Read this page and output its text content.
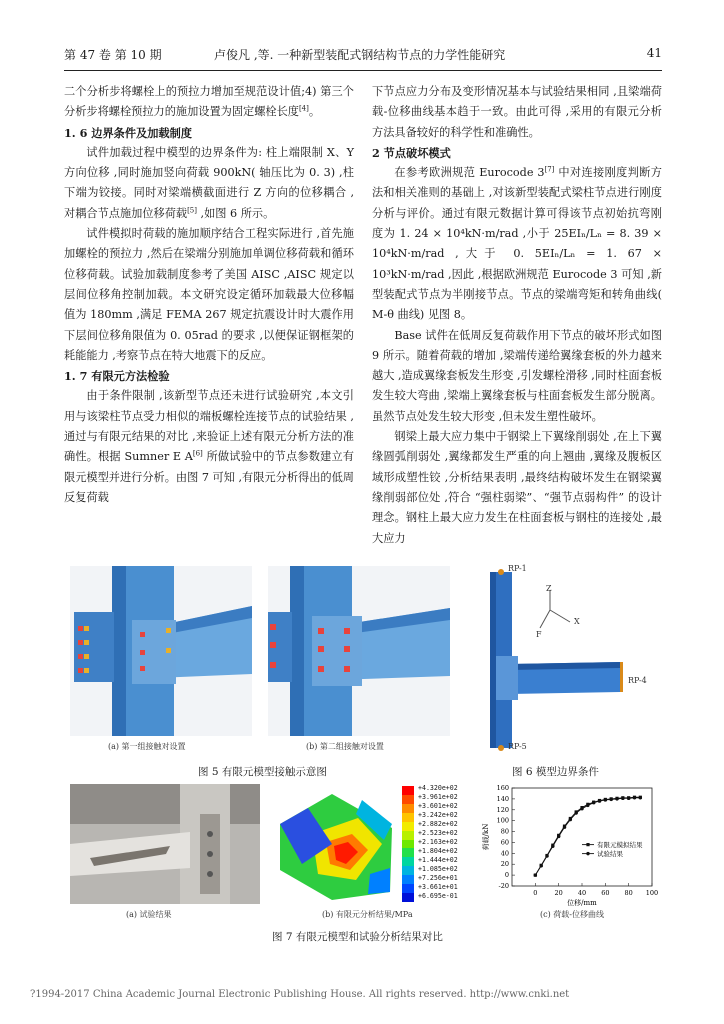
第 47 卷 第 10 期	卢俊凡 ,等. 一种新型装配式钢结构节点的力学性能研究	41

二个分析步将螺栓上的预拉力增加至规范设计值;4) 第三个分析步将螺栓预拉力的施加设置为固定螺栓长度[4]。

1. 6 边界条件及加载制度

试件加载过程中模型的边界条件为: 柱上端限制 X、Y 方向位移 ,同时施加竖向荷载 900kN( 轴压比为 0. 3) ,柱下端为铰接。同时对梁端横截面进行 Z 方向的位移耦合 ,对耦合节点施加位移荷载[5] ,如图 6 所示。

试件模拟时荷载的施加顺序结合工程实际进行 ,首先施加螺栓的预拉力 ,然后在梁端分别施加单调位移荷载和循环位移荷载。试验加载制度参考了美国 AISC ,AISC 规定以层间位移角控制加载。本文研究设定循环加载最大位移幅值为 180mm ,满足 FEMA 267 规定抗震设计时大震作用下层间位移角限值为 0. 05rad 的要求 ,以便保证钢框架的耗能能力 ,考察节点在特大地震下的反应。

1. 7 有限元方法检验

由于条件限制 ,该新型节点还未进行试验研究 ,本文引用与该梁柱节点受力相似的端板螺栓连接节点的试验结果 ,通过与有限元结果的对比 ,来验证上述有限元分析方法的准确性。根据 Sumner E A[6] 所做试验中的节点参数建立有限元模型并进行分析。由图 7 可知 ,有限元分析得出的低周反复荷载

下节点应力分布及变形情况基本与试验结果相同 ,且梁端荷载-位移曲线基本趋于一致。由此可得 ,采用的有限元分析方法具备较好的科学性和准确性。

2 节点破坏模式

在参考欧洲规范 Eurocode 3[7] 中对连接刚度判断方法和相关准则的基础上 ,对该新型装配式梁柱节点进行刚度分析与评价。通过有限元数据计算可得该节点初始抗弯刚度为 1. 24 × 10⁴kN·m/rad ,小于 25EIₙ/Lₙ = 8. 39 × 10⁴kN·m/rad ,大于 0. 5EIₙ/Lₙ = 1. 67 × 10³kN·m/rad ,因此 ,根据欧洲规范 Eurocode 3 可知 ,新型装配式节点为半刚接节点。节点的梁端弯矩和转角曲线( M-θ 曲线) 见图 8。

Base 试件在低周反复荷载作用下节点的破坏形式如图 9 所示。随着荷载的增加 ,梁端传递给翼缘套板的外力越来越大 ,造成翼缘套板发生形变 ,引发螺栓滑移 ,同时柱面套板发生较大弯曲 ,梁端上翼缘套板与柱面套板发生部分脱离。虽然节点处发生较大形变 ,但未发生塑性破坏。

钢梁上最大应力集中于钢梁上下翼缘削弱处 ,在上下翼缘圆弧削弱处 ,翼缘都发生严重的向上翘曲 ,翼缘及腹板区域形成塑性铰 ,分析结果表明 ,最终结构破坏发生在钢梁翼缘削弱部位处 ,符合 “强柱弱梁”、“强节点弱构件” 的设计理念。钢柱上最大应力发生在柱面套板与钢柱的连接处 ,最大应力

(a) 第一组接触对设置	(b) 第二组接触对设置
图 5 有限元模型接触示意图
RP-1
RP-4
RP-5
Z
X
F
图 6 模型边界条件
(a) 试验结果
+4.320e+02
+3.961e+02
+3.601e+02
+3.242e+02
+2.882e+02
+2.523e+02
+2.163e+02
+1.804e+02
+1.444e+02
+1.085e+02
+7.256e+01
+3.661e+01
+6.695e-01
(b) 有限元分析结果/MPa
0	20 40 60 80 100
-20
0
20
40
60
80
100
120
140
160
位移/mm
荷载/kN	有限元模拟结果
试验结果
(c) 荷载-位移曲线
图 7 有限元模型和试验分析结果对比
?1994-2017 China Academic Journal Electronic Publishing House. All rights reserved. http://www.cnki.net
